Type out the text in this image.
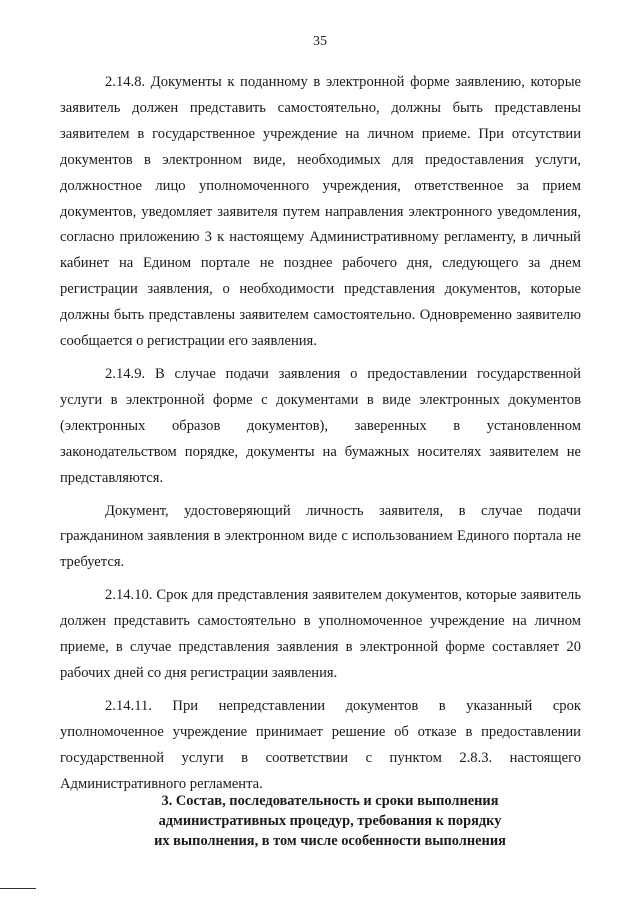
35

2.14.8. Документы к поданному в электронной форме заявлению, которые заявитель должен представить самостоятельно, должны быть представлены заявителем в государственное учреждение на личном приеме. При отсутствии документов в электронном виде, необходимых для предоставления услуги, должностное лицо уполномоченного учреждения, ответственное за прием документов, уведомляет заявителя путем направления электронного уведомления, согласно приложению 3 к настоящему Административному регламенту, в личный кабинет на Едином портале не позднее рабочего дня, следующего за днем регистрации заявления, о необходимости представления документов, которые должны быть представлены заявителем самостоятельно. Одновременно заявителю сообщается о регистрации его заявления.

2.14.9. В случае подачи заявления о предоставлении государственной услуги в электронной форме с документами в виде электронных документов (электронных образов документов), заверенных в установленном законодательством порядке, документы на бумажных носителях заявителем не представляются.

Документ, удостоверяющий личность заявителя, в случае подачи гражданином заявления в электронном виде с использованием Единого портала не требуется.

2.14.10. Срок для представления заявителем документов, которые заявитель должен представить самостоятельно в уполномоченное учреждение на личном приеме, в случае представления заявления в электронной форме составляет 20 рабочих дней со дня регистрации заявления.

2.14.11. При непредставлении документов в указанный срок уполномоченное учреждение принимает решение об отказе в предоставлении государственной услуги в соответствии с пунктом 2.8.3. настоящего Административного регламента.

3. Состав, последовательность и сроки выполнения
административных процедур, требования к порядку
их выполнения, в том числе особенности выполнения
